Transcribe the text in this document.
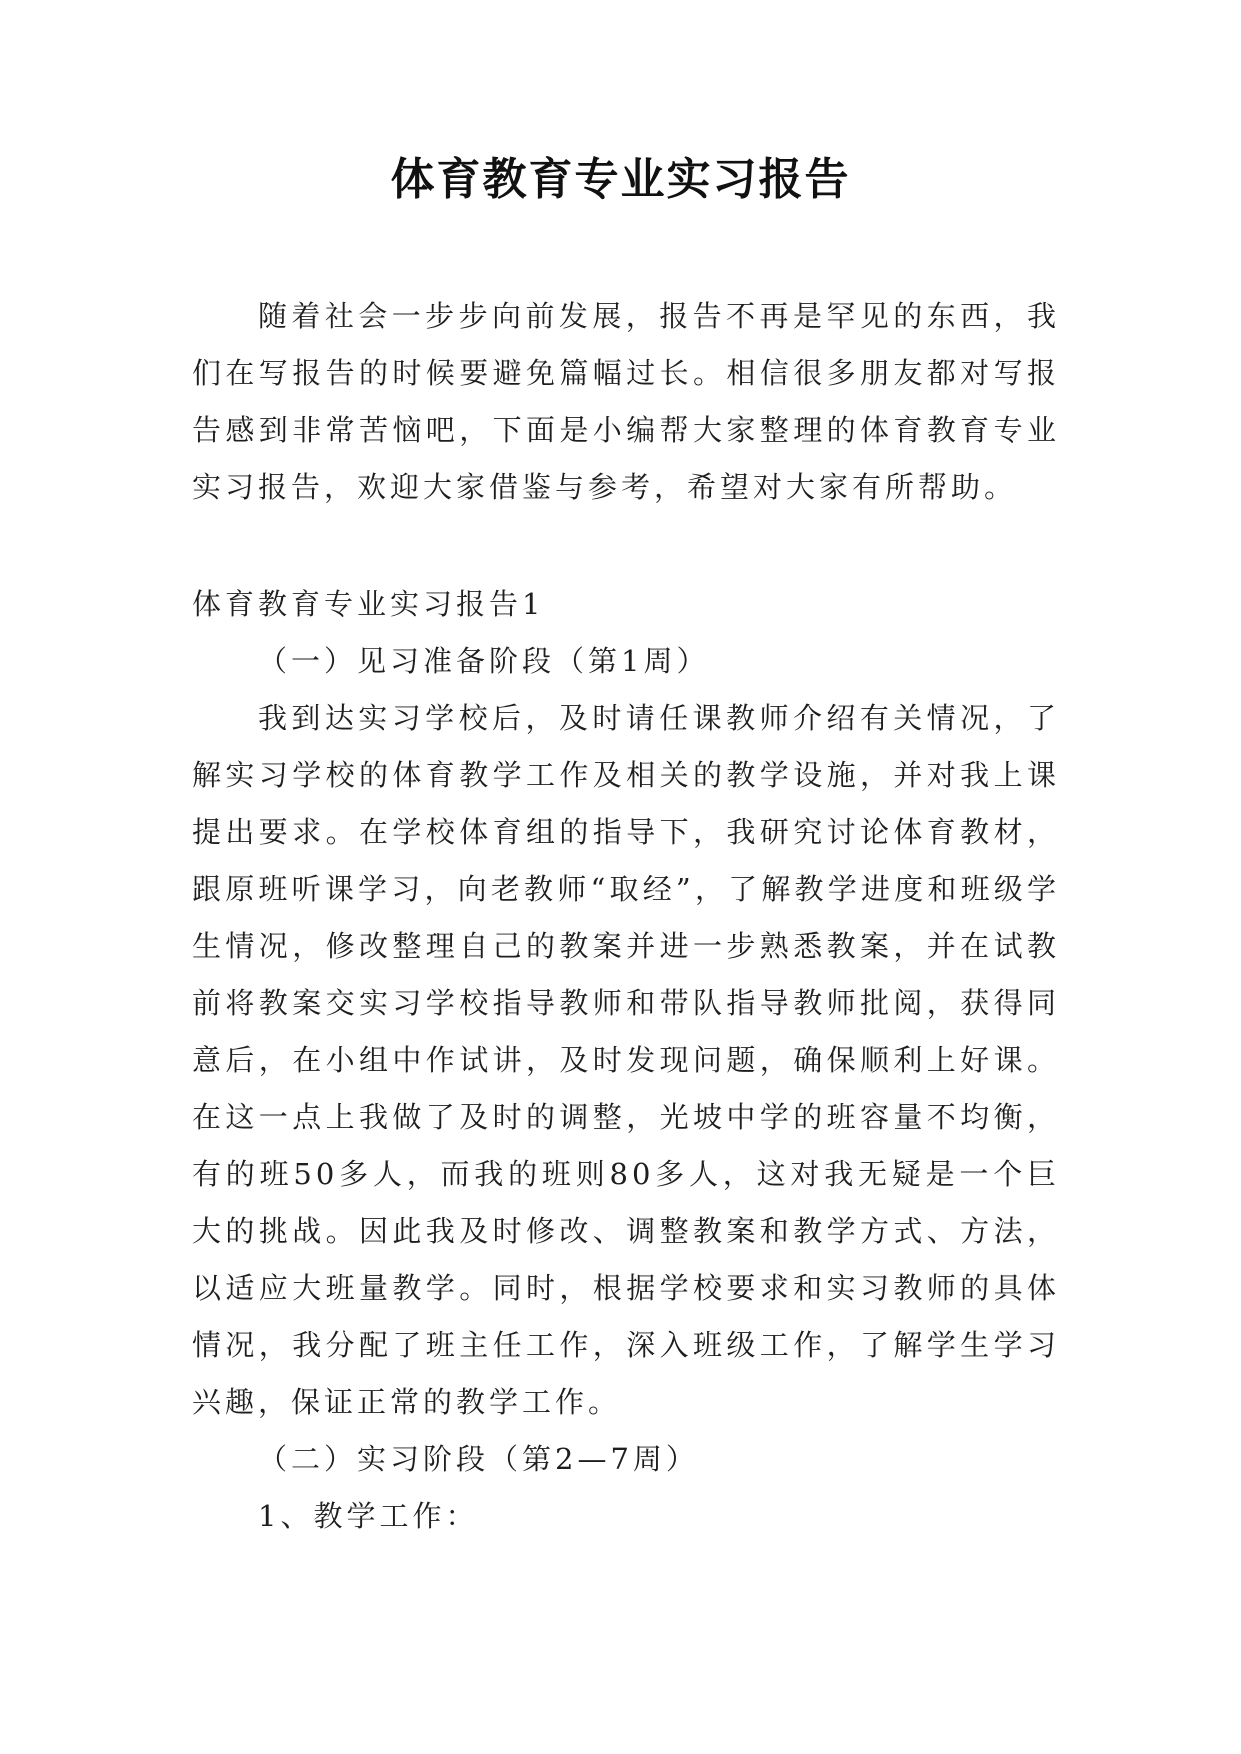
体育教育专业实习报告

随着社会一步步向前发展，报告不再是罕见的东西，我们在写报告的时候要避免篇幅过长。相信很多朋友都对写报告感到非常苦恼吧，下面是小编帮大家整理的体育教育专业实习报告，欢迎大家借鉴与参考，希望对大家有所帮助。

体育教育专业实习报告1

（一）见习准备阶段（第1周）

我到达实习学校后，及时请任课教师介绍有关情况，了解实习学校的体育教学工作及相关的教学设施，并对我上课提出要求。在学校体育组的指导下，我研究讨论体育教材，跟原班听课学习，向老教师“取经”，了解教学进度和班级学生情况，修改整理自己的教案并进一步熟悉教案，并在试教前将教案交实习学校指导教师和带队指导教师批阅，获得同意后，在小组中作试讲，及时发现问题，确保顺利上好课。在这一点上我做了及时的调整，光坡中学的班容量不均衡，有的班50多人，而我的班则80多人，这对我无疑是一个巨大的挑战。因此我及时修改、调整教案和教学方式、方法，以适应大班量教学。同时，根据学校要求和实习教师的具体情况，我分配了班主任工作，深入班级工作，了解学生学习兴趣，保证正常的教学工作。

（二）实习阶段（第2—7周）

1、教学工作：
